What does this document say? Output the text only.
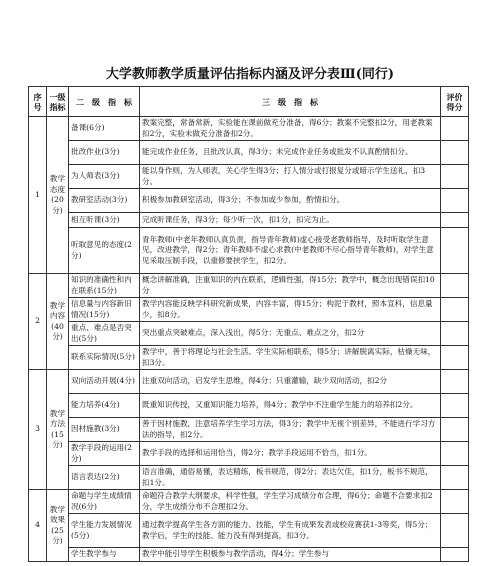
大学教师教学质量评估指标内涵及评分表Ⅲ(同行)
序号	一级指标	二　级　指　标	三　级　指　标	评价得分
1	教学态度(20分)	备课(6分)	教案完整，常备常新，实验能在课前做充分准备，得6分；教案不完整扣2分，用老教案扣2分，实验未做充分准备扣2分。	
		批改作业(3分)	能完成作业任务，且批改认真，得3分；未完成作业任务或批发不认真酌情扣分。	
		为人师表(3分)	能以身作则，为人师表，关心学生得3分；打人情分或打报复分或暗示学生送礼，扣3分。	
		教研室活动(3分)	积极参加教研室活动，得3分；不参加或少参加，酌情扣分。	
		相互听课(3分)	完成听课任务，得3分；每少听一次，扣1分，扣完为止。	
		听取意见的态度(2分)	青年教师(中老年教师认真负责，指导青年教师)虚心接受老教师指导，及时听取学生意见，改进教学，得2分；青年教师不虚心求教(中老教师不尽心指导青年教师)，对学生意见采取压制手段，以重修要挟学生，扣2分。	
2	教学内容(40分)	知识的准确性和内在联系(15分)	概念讲解准确，注重知识的内在联系，逻辑性强，得15分；教学中，概念出现错误扣10分	
		信息量与内容新旧情况(15分)	教学内容能反映学科研究新成果，内容丰富，得15分；构泥于教材，照本宣科，信息量少，扣8分。	
		重点、难点是否突出(5分)	突出重点突破难点，深入浅出，得5分；无重点、难点之分，扣2分	
		联系实际情况(5分)	教学中，善于将理论与社会生活、学生实际相联系，得5分；讲解脱离实际，枯燥无味，扣3分。	
3	教学方法(15分)	双向活动开展(4分)	注重双向活动，启发学生思维，得4分；只重灌输，缺少双向活动，扣2分	
		能力培养(4分)	既重知识传授，又重知识能力培养，得4分；教学中不注重学生能力的培养扣2分。	
		因材施教(3分)	善于因材施教，注意培养学生学习方法，得3分；教学中无视个别差异，不能进行学习方法的指导，扣2分。	
		教学手段的运用(2分)	教学手段的选择和运用恰当，得2分；教学手段运用不恰当，扣1分。	
		语言表达(2分)	语言准确，通俗易懂，表达精练，板书规范，得2分；表达欠佳，扣1分，板书不规范，扣1分。	
4	教学效果(25分)	命题与学生成绩情况(6分)	命题符合教学大纲要求，科学性强，学生学习成绩分布合理，得6分；命题不合要求扣2分，学生成绩分布不合理扣2分。	
		学生能力发展情况(5分)	通过教学提高学生各方面的能力、技能，学生有成果发表或校竞赛获1-3等奖，得5分；教学后，学生的技能、能力没有得到提高，扣3分。	
		学生教学参与	教学中能引导学生积极参与教学活动，得4分；学生参与	
